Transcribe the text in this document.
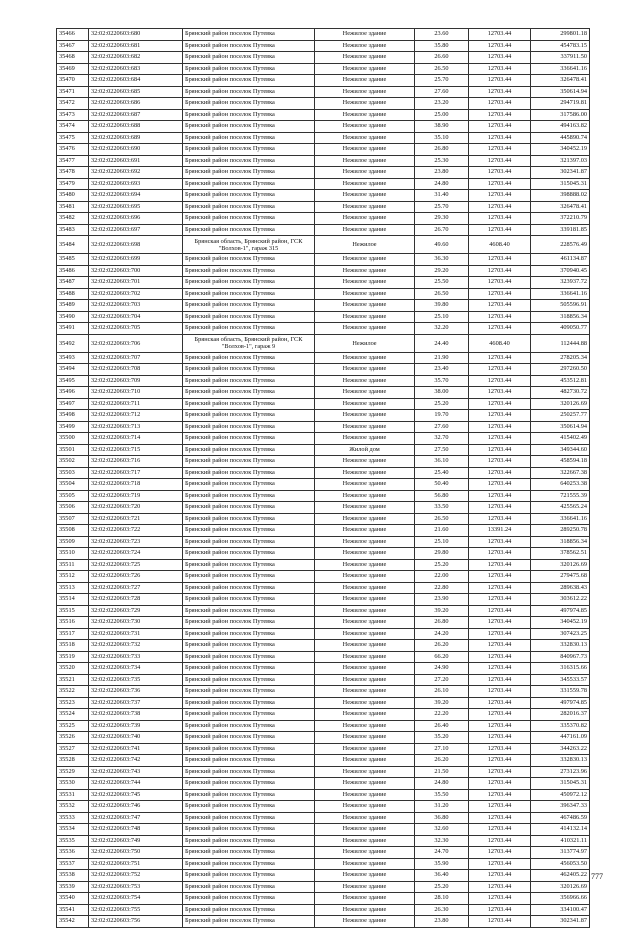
35466	32:02:0220603:680	Брянский район поселок Путевка	Нежилое здание	23.60	12703.44	299801.18
35467	32:02:0220603:681	Брянский район поселок Путевка	Нежилое здание	35.80	12703.44	454783.15
35468	32:02:0220603:682	Брянский район поселок Путевка	Нежилое здание	26.60	12703.44	337911.50
35469	32:02:0220603:683	Брянский район поселок Путевка	Нежилое здание	26.50	12703.44	336641.16
35470	32:02:0220603:684	Брянский район поселок Путевка	Нежилое здание	25.70	12703.44	326478.41
35471	32:02:0220603:685	Брянский район поселок Путевка	Нежилое здание	27.60	12703.44	350614.94
35472	32:02:0220603:686	Брянский район поселок Путевка	Нежилое здание	23.20	12703.44	294719.81
35473	32:02:0220603:687	Брянский район поселок Путевка	Нежилое здание	25.00	12703.44	317586.00
35474	32:02:0220603:688	Брянский район поселок Путевка	Нежилое здание	38.90	12703.44	494163.82
35475	32:02:0220603:689	Брянский район поселок Путевка	Нежилое здание	35.10	12703.44	445890.74
35476	32:02:0220603:690	Брянский район поселок Путевка	Нежилое здание	26.80	12703.44	340452.19
35477	32:02:0220603:691	Брянский район поселок Путевка	Нежилое здание	25.30	12703.44	321397.03
35478	32:02:0220603:692	Брянский район поселок Путевка	Нежилое здание	23.80	12703.44	302341.87
35479	32:02:0220603:693	Брянский район поселок Путевка	Нежилое здание	24.80	12703.44	315045.31
35480	32:02:0220603:694	Брянский район поселок Путевка	Нежилое здание	31.40	12703.44	398888.02
35481	32:02:0220603:695	Брянский район поселок Путевка	Нежилое здание	25.70	12703.44	326478.41
35482	32:02:0220603:696	Брянский район поселок Путевка	Нежилое здание	29.30	12703.44	372210.79
35483	32:02:0220603:697	Брянский район поселок Путевка	Нежилое здание	26.70	12703.44	339181.85
35484	32:02:0220603:698	Брянская область, Брянский район, ГСК "Волхов-1", гараж 315	Нежилое	49.60	4608.40	228576.49
35485	32:02:0220603:699	Брянский район поселок Путевка	Нежилое здание	36.30	12703.44	461134.87
35486	32:02:0220603:700	Брянский район поселок Путевка	Нежилое здание	29.20	12703.44	370940.45
35487	32:02:0220603:701	Брянский район поселок Путевка	Нежилое здание	25.50	12703.44	323937.72
35488	32:02:0220603:702	Брянский район поселок Путевка	Нежилое здание	26.50	12703.44	336641.16
35489	32:02:0220603:703	Брянский район поселок Путевка	Нежилое здание	39.80	12703.44	505596.91
35490	32:02:0220603:704	Брянский район поселок Путевка	Нежилое здание	25.10	12703.44	318856.34
35491	32:02:0220603:705	Брянский район поселок Путевка	Нежилое здание	32.20	12703.44	409050.77
35492	32:02:0220603:706	Брянская область, Брянский район, ГСК "Волхов-1", гараж 9	Нежилое	24.40	4608.40	112444.88
35493	32:02:0220603:707	Брянский район поселок Путевка	Нежилое здание	21.90	12703.44	278205.34
35494	32:02:0220603:708	Брянский район поселок Путевка	Нежилое здание	23.40	12703.44	297260.50
35495	32:02:0220603:709	Брянский район поселок Путевка	Нежилое здание	35.70	12703.44	453512.81
35496	32:02:0220603:710	Брянский район поселок Путевка	Нежилое здание	38.00	12703.44	482730.72
35497	32:02:0220603:711	Брянский район поселок Путевка	Нежилое здание	25.20	12703.44	320126.69
35498	32:02:0220603:712	Брянский район поселок Путевка	Нежилое здание	19.70	12703.44	250257.77
35499	32:02:0220603:713	Брянский район поселок Путевка	Нежилое здание	27.60	12703.44	350614.94
35500	32:02:0220603:714	Брянский район поселок Путевка	Нежилое здание	32.70	12703.44	415402.49
35501	32:02:0220603:715	Брянский район поселок Путевка	Жилой дом	27.50	12703.44	349344.60
35502	32:02:0220603:716	Брянский район поселок Путевка	Нежилое здание	36.10	12703.44	458594.18
35503	32:02:0220603:717	Брянский район поселок Путевка	Нежилое здание	25.40	12703.44	322667.38
35504	32:02:0220603:718	Брянский район поселок Путевка	Нежилое здание	50.40	12703.44	640253.38
35505	32:02:0220603:719	Брянский район поселок Путевка	Нежилое здание	56.80	12703.44	721555.39
35506	32:02:0220603:720	Брянский район поселок Путевка	Нежилое здание	33.50	12703.44	425565.24
35507	32:02:0220603:721	Брянский район поселок Путевка	Нежилое здание	26.50	12703.44	336641.16
35508	32:02:0220603:722	Брянский район поселок Путевка	Нежилое здание	21.60	13391.24	289250.78
35509	32:02:0220603:723	Брянский район поселок Путевка	Нежилое здание	25.10	12703.44	318856.34
35510	32:02:0220603:724	Брянский район поселок Путевка	Нежилое здание	29.80	12703.44	378562.51
35511	32:02:0220603:725	Брянский район поселок Путевка	Нежилое здание	25.20	12703.44	320126.69
35512	32:02:0220603:726	Брянский район поселок Путевка	Нежилое здание	22.00	12703.44	279475.68
35513	32:02:0220603:727	Брянский район поселок Путевка	Нежилое здание	22.80	12703.44	289638.43
35514	32:02:0220603:728	Брянский район поселок Путевка	Нежилое здание	23.90	12703.44	303612.22
35515	32:02:0220603:729	Брянский район поселок Путевка	Нежилое здание	39.20	12703.44	497974.85
35516	32:02:0220603:730	Брянский район поселок Путевка	Нежилое здание	26.80	12703.44	340452.19
35517	32:02:0220603:731	Брянский район поселок Путевка	Нежилое здание	24.20	12703.44	307423.25
35518	32:02:0220603:732	Брянский район поселок Путевка	Нежилое здание	26.20	12703.44	332830.13
35519	32:02:0220603:733	Брянский район поселок Путевка	Нежилое здание	66.20	12703.44	840967.73
35520	32:02:0220603:734	Брянский район поселок Путевка	Нежилое здание	24.90	12703.44	316315.66
35521	32:02:0220603:735	Брянский район поселок Путевка	Нежилое здание	27.20	12703.44	345533.57
35522	32:02:0220603:736	Брянский район поселок Путевка	Нежилое здание	26.10	12703.44	331559.78
35523	32:02:0220603:737	Брянский район поселок Путевка	Нежилое здание	39.20	12703.44	497974.85
35524	32:02:0220603:738	Брянский район поселок Путевка	Нежилое здание	22.20	12703.44	282016.37
35525	32:02:0220603:739	Брянский район поселок Путевка	Нежилое здание	26.40	12703.44	335370.82
35526	32:02:0220603:740	Брянский район поселок Путевка	Нежилое здание	35.20	12703.44	447161.09
35527	32:02:0220603:741	Брянский район поселок Путевка	Нежилое здание	27.10	12703.44	344263.22
35528	32:02:0220603:742	Брянский район поселок Путевка	Нежилое здание	26.20	12703.44	332830.13
35529	32:02:0220603:743	Брянский район поселок Путевка	Нежилое здание	21.50	12703.44	273123.96
35530	32:02:0220603:744	Брянский район поселок Путевка	Нежилое здание	24.80	12703.44	315045.31
35531	32:02:0220603:745	Брянский район поселок Путевка	Нежилое здание	35.50	12703.44	450972.12
35532	32:02:0220603:746	Брянский район поселок Путевка	Нежилое здание	31.20	12703.44	396347.33
35533	32:02:0220603:747	Брянский район поселок Путевка	Нежилое здание	36.80	12703.44	467486.59
35534	32:02:0220603:748	Брянский район поселок Путевка	Нежилое здание	32.60	12703.44	414132.14
35535	32:02:0220603:749	Брянский район поселок Путевка	Нежилое здание	32.30	12703.44	410321.11
35536	32:02:0220603:750	Брянский район поселок Путевка	Нежилое здание	24.70	12703.44	313774.97
35537	32:02:0220603:751	Брянский район поселок Путевка	Нежилое здание	35.90	12703.44	456053.50
35538	32:02:0220603:752	Брянский район поселок Путевка	Нежилое здание	36.40	12703.44	462405.22
35539	32:02:0220603:753	Брянский район поселок Путевка	Нежилое здание	25.20	12703.44	320126.69
35540	32:02:0220603:754	Брянский район поселок Путевка	Нежилое здание	28.10	12703.44	356966.66
35541	32:02:0220603:755	Брянский район поселок Путевка	Нежилое здание	26.30	12703.44	334100.47
35542	32:02:0220603:756	Брянский район поселок Путевка	Нежилое здание	23.80	12703.44	302341.87
777
